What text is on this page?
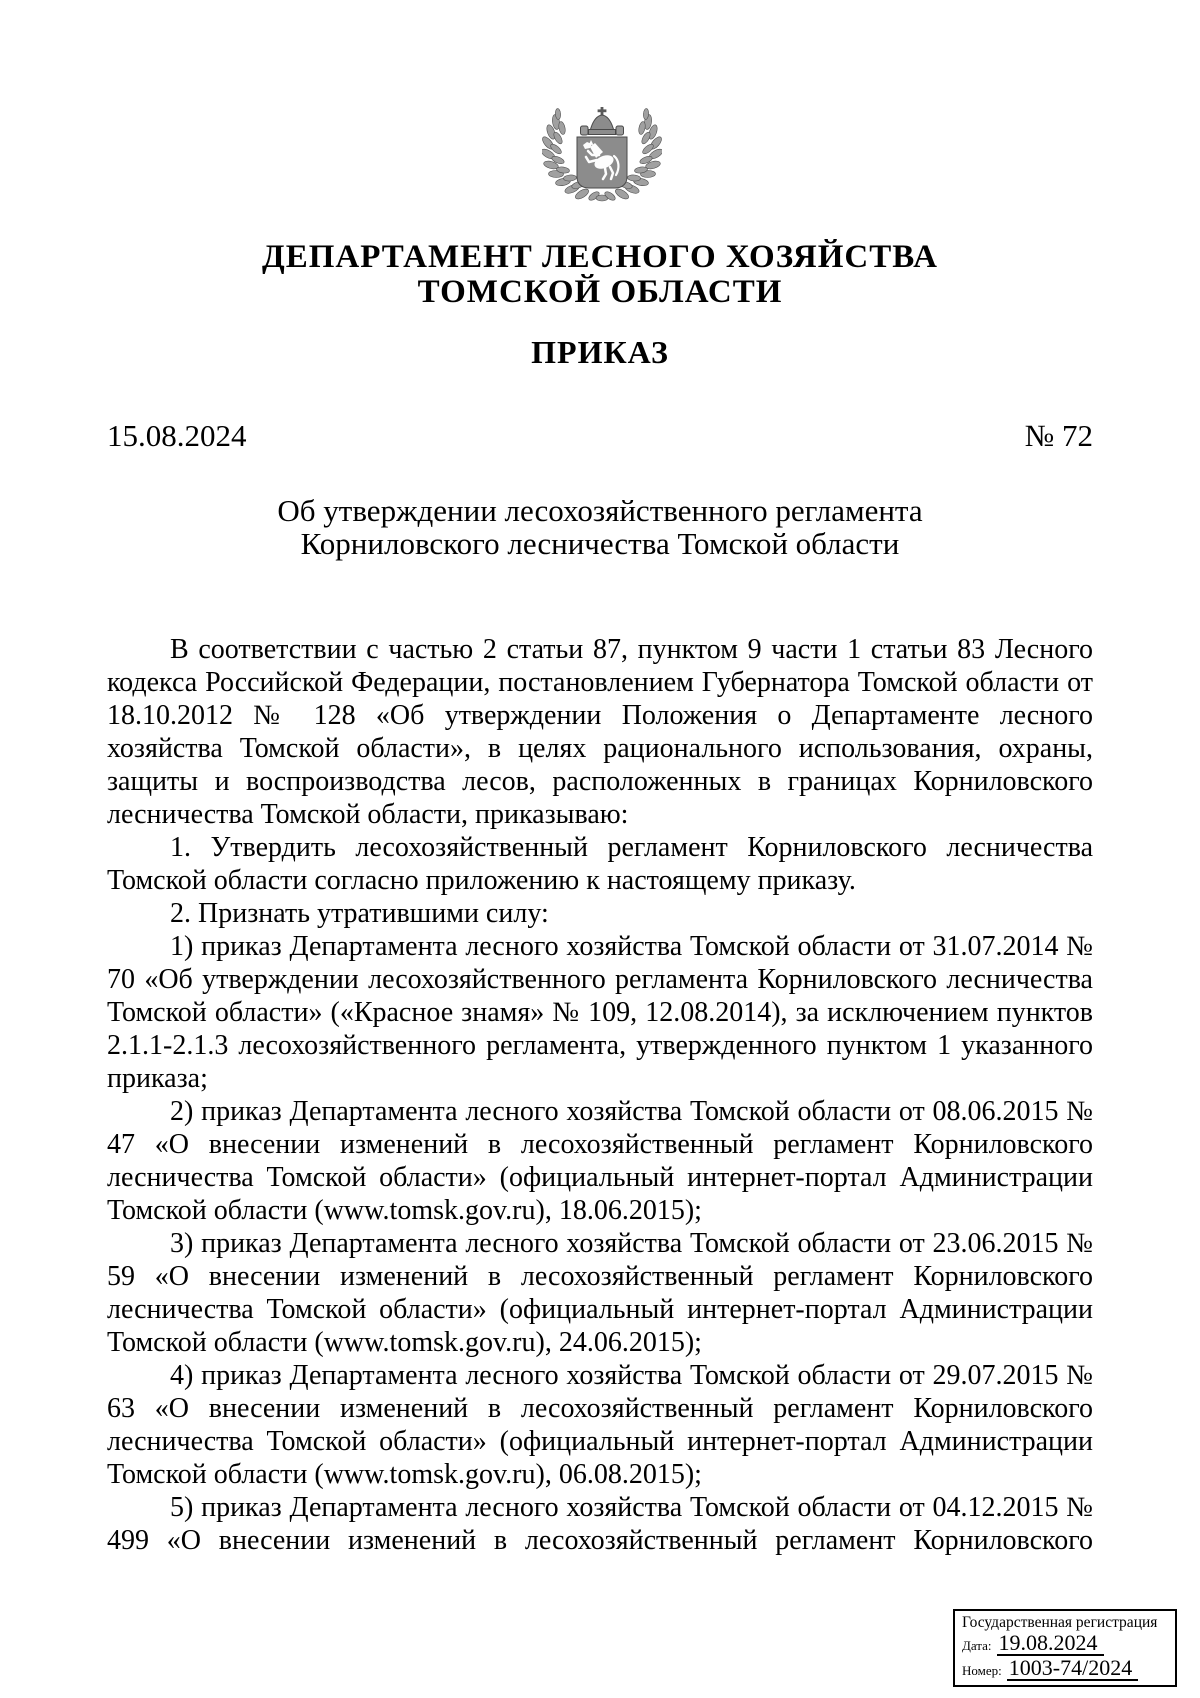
ДЕПАРТАМЕНТ ЛЕСНОГО ХОЗЯЙСТВА
ТОМСКОЙ ОБЛАСТИ
ПРИКАЗ
15.08.2024	№ 72
Об утверждении лесохозяйственного регламента
Корниловского лесничества Томской области

В соответствии с частью 2 статьи 87, пунктом 9 части 1 статьи 83 Лесного кодекса Российской Федерации, постановлением Губернатора Томской области от 18.10.2012 № 128 «Об утверждении Положения о Департаменте лесного хозяйства Томской области», в целях рационального использования, охраны, защиты и воспроизводства лесов, расположенных в границах Корниловского лесничества Томской области, приказываю:

1. Утвердить лесохозяйственный регламент Корниловского лесничества Томской области согласно приложению к настоящему приказу.

2. Признать утратившими силу:

1) приказ Департамента лесного хозяйства Томской области от 31.07.2014 № 70 «Об утверждении лесохозяйственного регламента Корниловского лесничества Томской области» («Красное знамя» № 109, 12.08.2014), за исключением пунктов 2.1.1-2.1.3 лесохозяйственного регламента, утвержденного пунктом 1 указанного приказа;

2) приказ Департамента лесного хозяйства Томской области от 08.06.2015 № 47 «О внесении изменений в лесохозяйственный регламент Корниловского лесничества Томской области» (официальный интернет-портал Администрации Томской области (www.tomsk.gov.ru), 18.06.2015);

3) приказ Департамента лесного хозяйства Томской области от 23.06.2015 № 59 «О внесении изменений в лесохозяйственный регламент Корниловского лесничества Томской области» (официальный интернет-портал Администрации Томской области (www.tomsk.gov.ru), 24.06.2015);

4) приказ Департамента лесного хозяйства Томской области от 29.07.2015 № 63 «О внесении изменений в лесохозяйственный регламент Корниловского лесничества Томской области» (официальный интернет-портал Администрации Томской области (www.tomsk.gov.ru), 06.08.2015);

5) приказ Департамента лесного хозяйства Томской области от 04.12.2015 № 499 «О внесении изменений в лесохозяйственный регламент Корниловского

Государственная регистрация
Дата: 19.08.2024
Номер: 1003-74/2024
